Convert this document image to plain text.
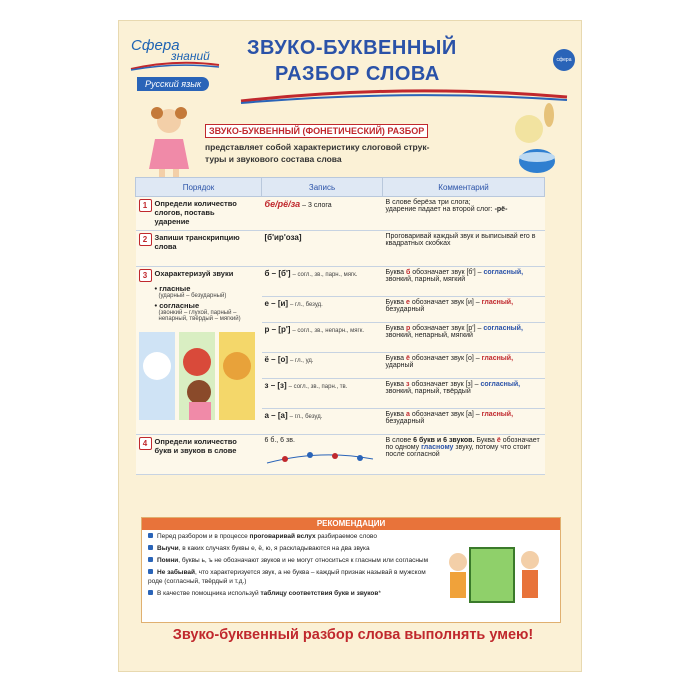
Сфера
знаний
Русский язык
ЗВУКО-БУКВЕННЫЙ
РАЗБОР СЛОВА
сфера
ЗВУКО-БУКВЕННЫЙ (ФОНЕТИЧЕСКИЙ) РАЗБОР
представляет собой характеристику слоговой струк-
туры и звукового состава слова
Порядок	Запись	Комментарий
1 Определи количество слогов, поставь ударение	бе/рё/за – 3 слога	В слове берёза три слога;
ударение падает на второй слог: -рё-
2 Запиши транскрипцию слова	[б'ир'оза]	Проговаривай каждый звук и выписывай его в квадратных скобках
3 Охарактеризуй звуки
• гласные
(ударный – безударный)
• согласные
(звонкий – глухой, парный – непарный, твёрдый – мягкий)	б – [б'] – согл., зв., парн., мягк.	Буква б обозначает звук [б'] – согласный, звонкий, парный, мягкий
	е – [и] – гл., безуд.	Буква е обозначает звук [и] – гласный, безударный
	р – [р'] – согл., зв., непарн., мягк.	Буква р обозначает звук [р'] – согласный, звонкий, непарный, мягкий
	ё – [о] – гл., уд.	Буква ё обозначает звук [о] – гласный, ударный
	з – [з] – согл., зв., парн., тв.	Буква з обозначает звук [з] – согласный, звонкий, парный, твёрдый
	а – [а] – гл., безуд.	Буква а обозначает звук [а] – гласный, безударный
4 Определи количество букв и звуков в слове	6 б., 6 зв.	В слове 6 букв и 6 звуков. Буква ё обозначает по одному гласному звуку, потому что стоит после согласной
РЕКОМЕНДАЦИИ
Перед разбором и в процессе проговаривай вслух разбираемое слово
Выучи, в каких случаях буквы е, ё, ю, я раскладываются на два звука
Помни, буквы ь, ъ не обозначают звуков и не могут относиться к гласным или согласным
Не забывай, что характеризуется звук, а не буква – каждый признак называй в мужском роде (согласный, твёрдый и т.д.)
В качестве помощника используй таблицу соответствия букв и звуков*
Звуко-буквенный разбор слова выполнять умею!
